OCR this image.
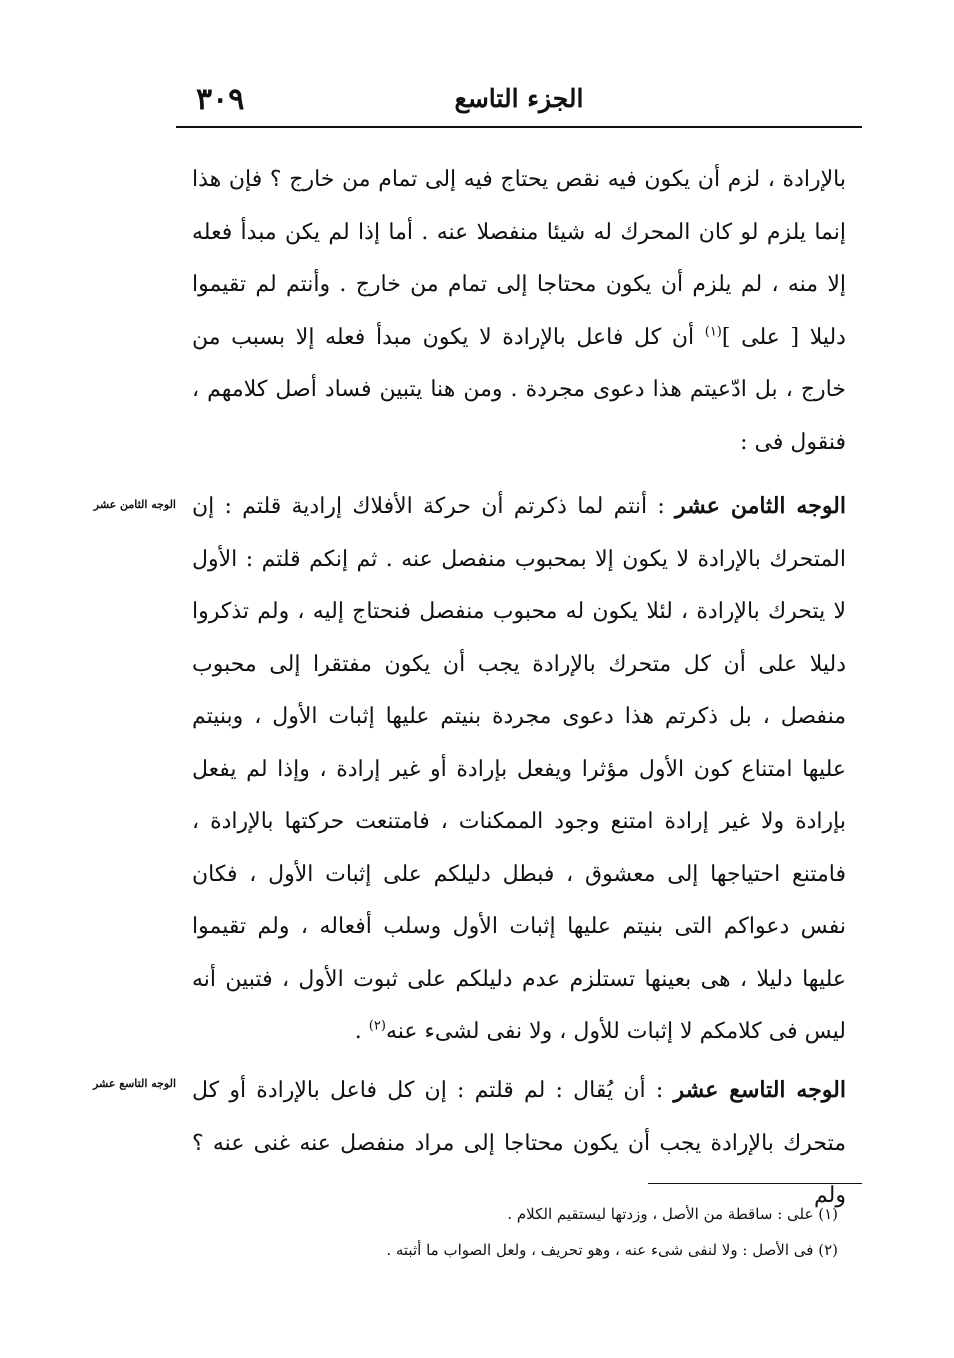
٣٠٩	الجزء التاسع

بالإرادة ، لزم أن يكون فيه نقص يحتاج فيه إلى تمام من خارج ؟ فإن هذا إنما يلزم لو كان المحرك له شيئا منفصلا عنه . أما إذا لم يكن مبدأ فعله إلا منه ، لم يلزم أن يكون محتاجا إلى تمام من خارج . وأنتم لم تقيموا دليلا [ على ]$^{(١)}$ أن كل فاعل بالإرادة لا يكون مبدأ فعله إلا بسبب من خارج ، بل ادّعيتم هذا دعوى مجردة . ومن هنا يتبين فساد أصل كلامهم ، فنقول فى :

الوجه الثامن عشر	الوجه الثامن عشر : أنتم لما ذكرتم أن حركة الأفلاك إرادية قلتم : إن المتحرك بالإرادة لا يكون إلا بمحبوب منفصل عنه . ثم إنكم قلتم : الأول لا يتحرك بالإرادة ، لئلا يكون له محبوب منفصل فنحتاج إليه ، ولم تذكروا دليلا على أن كل متحرك بالإرادة يجب أن يكون مفتقرا إلى محبوب منفصل ، بل ذكرتم هذا دعوى مجردة بنيتم عليها إثبات الأول ، وبنيتم عليها امتناع كون الأول مؤثرا ويفعل بإرادة أو غير إرادة ، وإذا لم يفعل بإرادة ولا غير إرادة امتنع وجود الممكنات ، فامتنعت حركتها بالإرادة ، فامتنع احتياجها إلى معشوق ، فبطل دليلكم على إثبات الأول ، فكان نفس دعواكم التى بنيتم عليها إثبات الأول وسلب أفعاله ، ولم تقيموا عليها دليلا ، هى بعينها تستلزم عدم دليلكم على ثبوت الأول ، فتبين أنه ليس فى كلامكم لا إثبات للأول ، ولا نفى لشىء عنه$^{(٢)}$ .

الوجه التاسع عشر	الوجه التاسع عشر : أن يُقال : لم قلتم : إن كل فاعل بالإرادة أو كل متحرك بالإرادة يجب أن يكون محتاجا إلى مراد منفصل عنه غنى عنه ؟ ولم

(١) على : ساقطة من الأصل ، وزدتها ليستقيم الكلام .

(٢) فى الأصل : ولا لنفى شىء عنه ، وهو تحريف ، ولعل الصواب ما أثبته .
